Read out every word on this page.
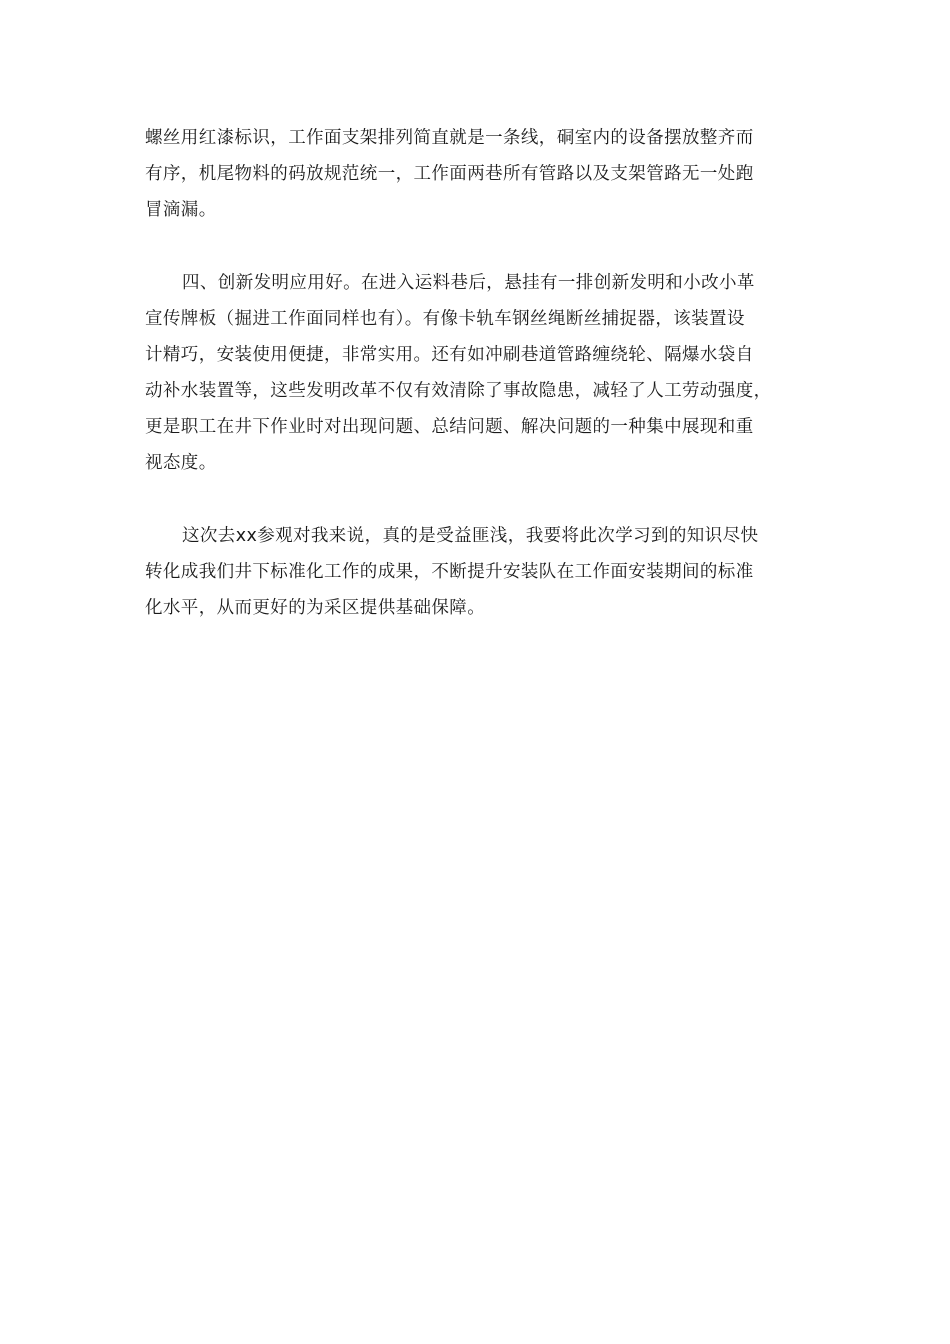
螺丝用红漆标识，工作面支架排列简直就是一条线，硐室内的设备摆放整齐而
有序，机尾物料的码放规范统一，工作面两巷所有管路以及支架管路无一处跑
冒滴漏。
四、创新发明应用好。在进入运料巷后，悬挂有一排创新发明和小改小革
宣传牌板（掘进工作面同样也有）。有像卡轨车钢丝绳断丝捕捉器，该装置设
计精巧，安装使用便捷，非常实用。还有如冲刷巷道管路缠绕轮、隔爆水袋自
动补水装置等，这些发明改革不仅有效清除了事故隐患，减轻了人工劳动强度，
更是职工在井下作业时对出现问题、总结问题、解决问题的一种集中展现和重
视态度。
这次去xx参观对我来说，真的是受益匪浅，我要将此次学习到的知识尽快
转化成我们井下标准化工作的成果，不断提升安装队在工作面安装期间的标准
化水平，从而更好的为采区提供基础保障。
